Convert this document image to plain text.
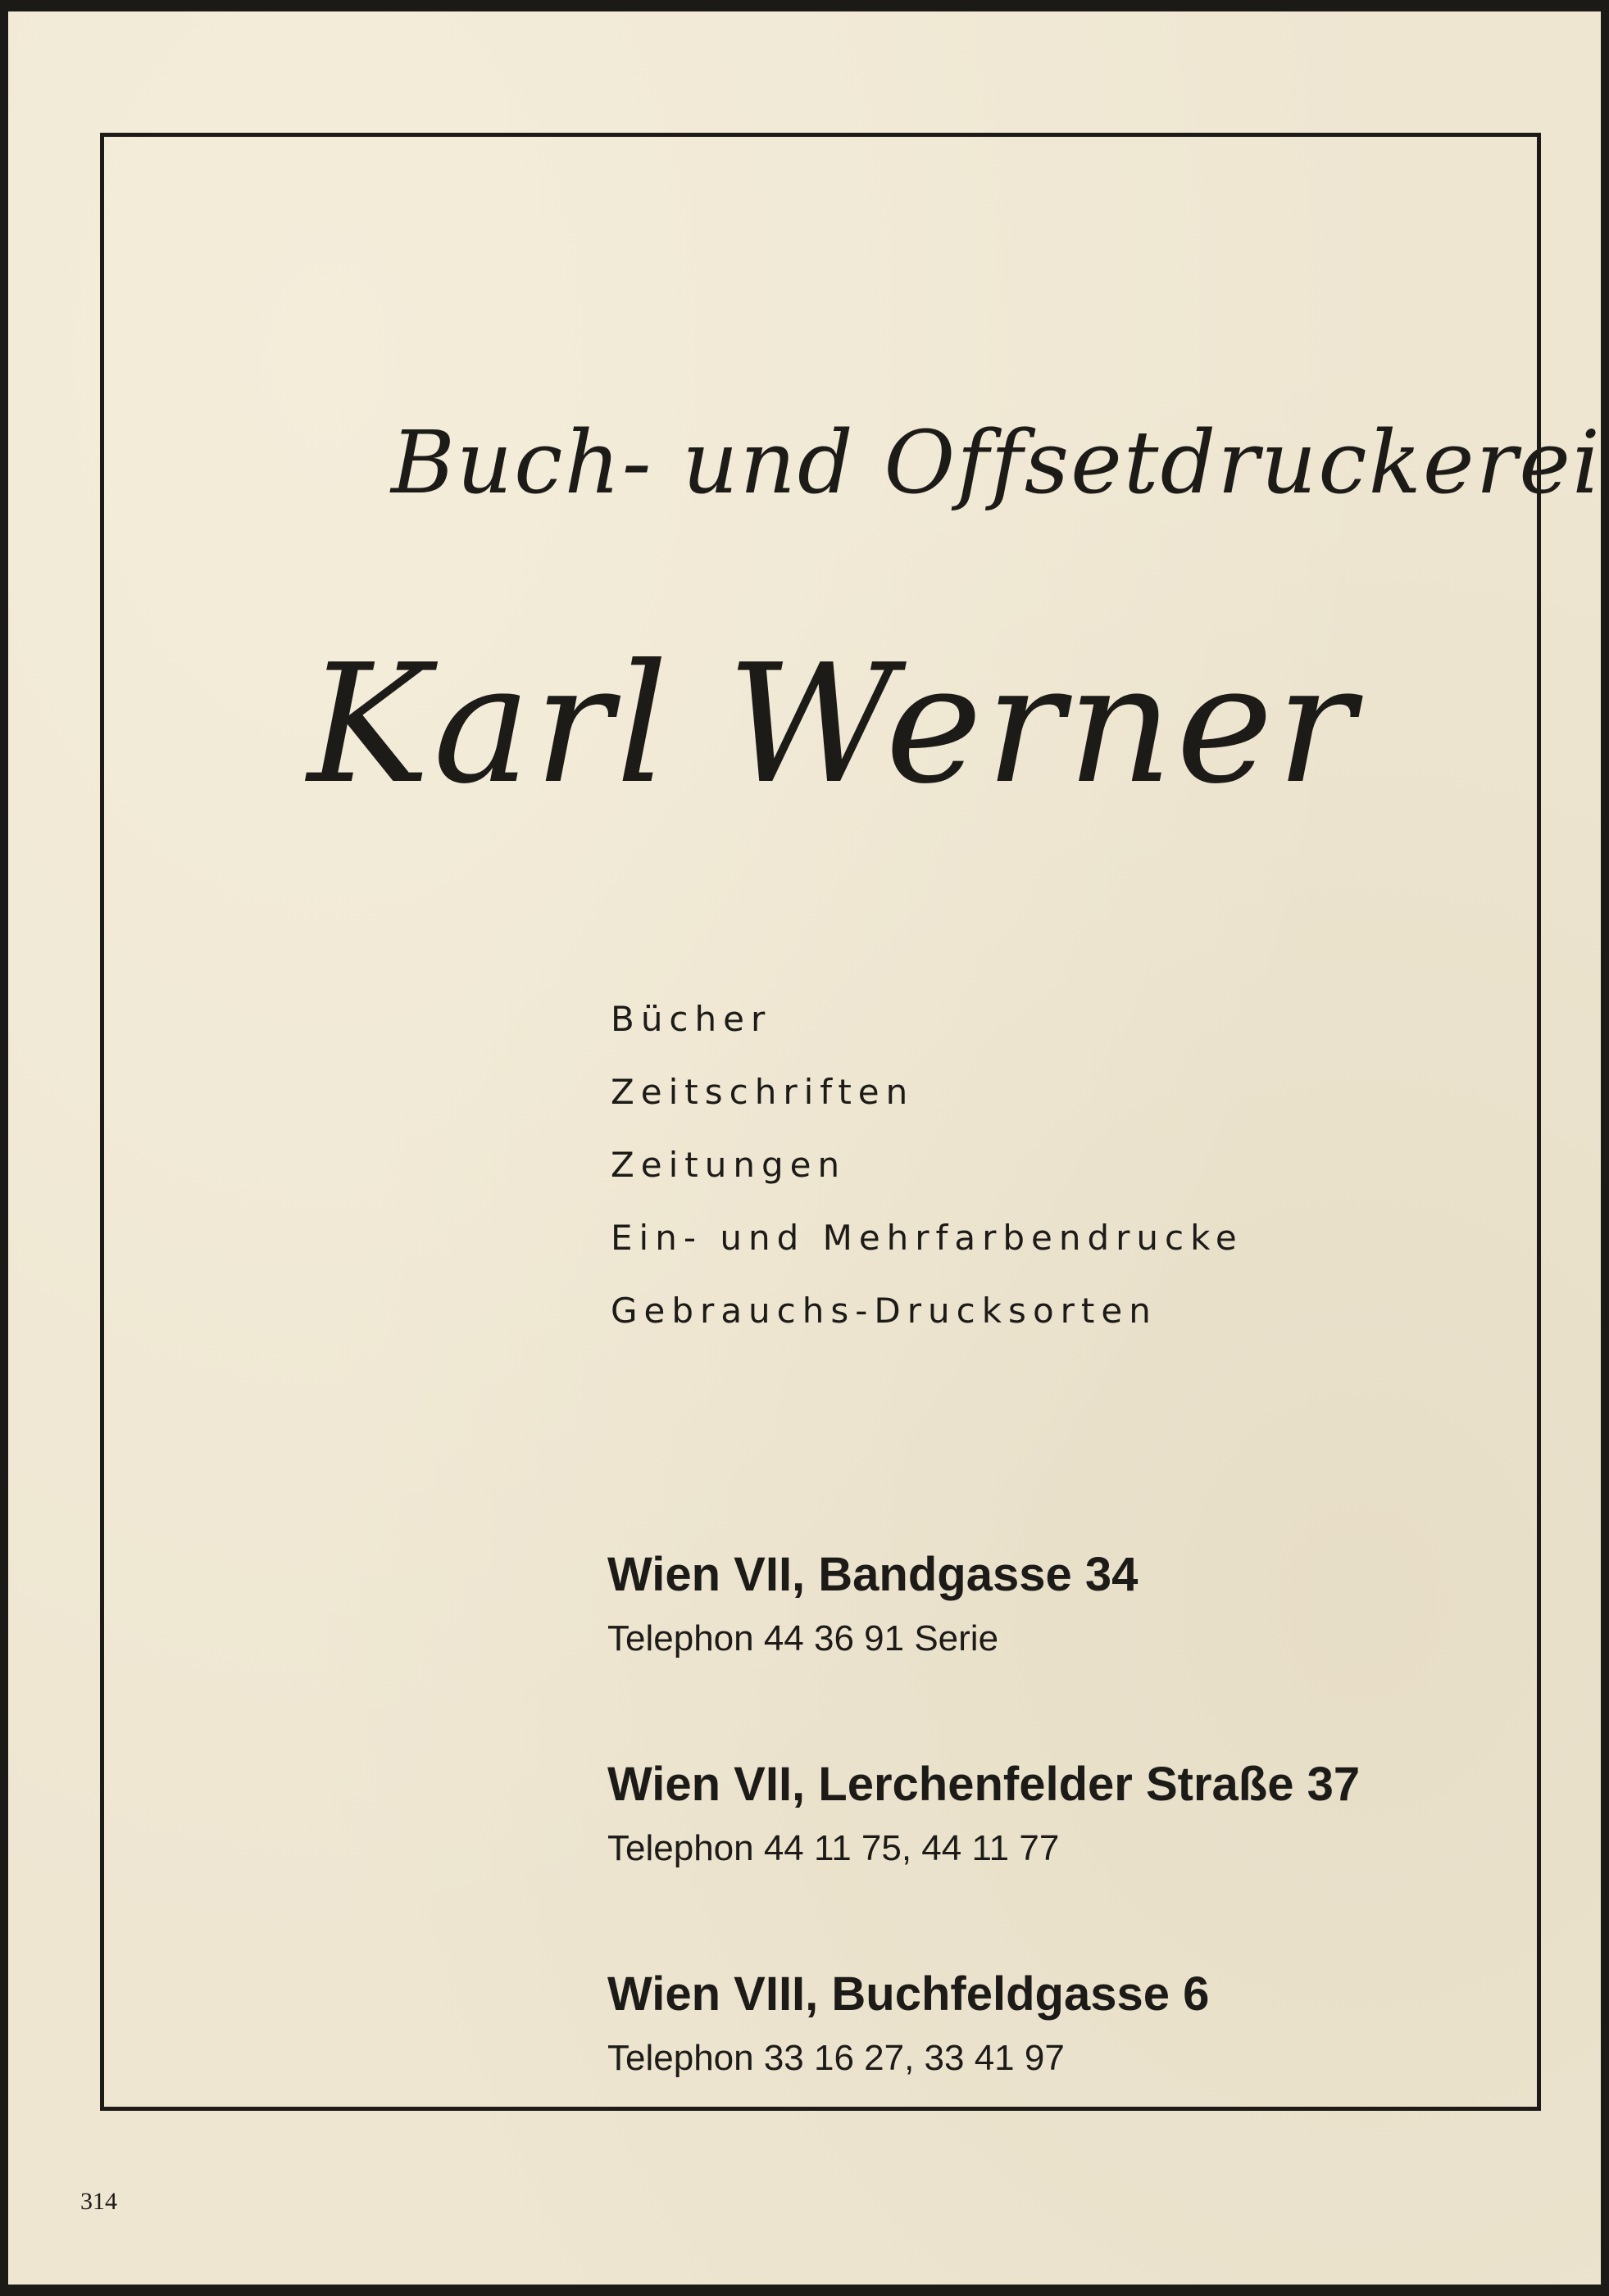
Buch- und Offsetdruckerei
Karl Werner
Bücher
Zeitschriften
Zeitungen
Ein- und Mehrfarbendrucke
Gebrauchs-Drucksorten
Wien VII, Bandgasse 34
Telephon 44 36 91 Serie
Wien VII, Lerchenfelder Straße 37
Telephon 44 11 75, 44 11 77
Wien VIII, Buchfeldgasse 6
Telephon 33 16 27, 33 41 97
314
